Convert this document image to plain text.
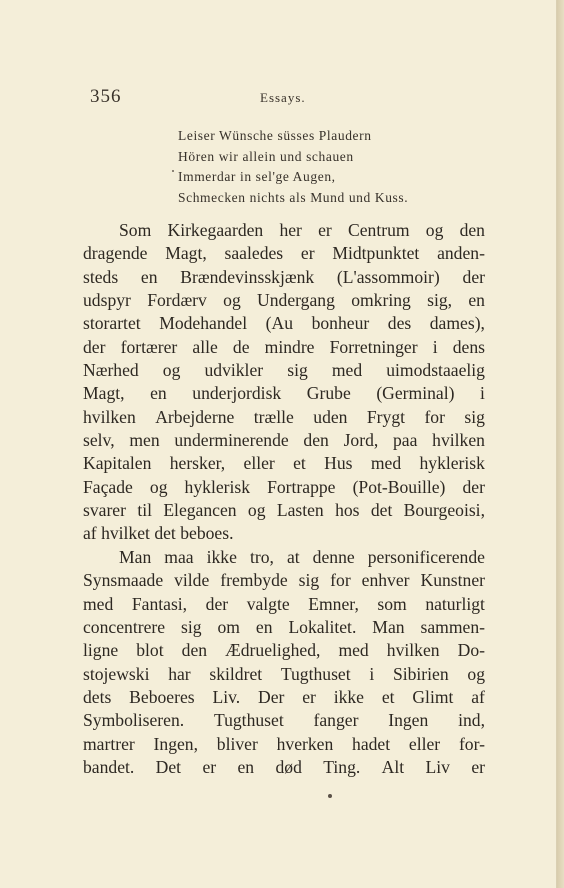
356	Essays.
Leiser Wünsche süsses Plaudern
Hören wir allein und schauen
Immerdar in sel'ge Augen,
Schmecken nichts als Mund und Kuss.
Som Kirkegaarden her er Centrum og den
dragende Magt, saaledes er Midtpunktet anden-
steds en Brændevinsskjænk (L'assommoir) der
udspyr Fordærv og Undergang omkring sig, en
storartet Modehandel (Au bonheur des dames),
der fortærer alle de mindre Forretninger i dens
Nærhed og udvikler sig med uimodstaaelig
Magt, en underjordisk Grube (Germinal) i
hvilken Arbejderne trælle uden Frygt for sig
selv, men underminerende den Jord, paa hvilken
Kapitalen hersker, eller et Hus med hyklerisk
Façade og hyklerisk Fortrappe (Pot-Bouille) der
svarer til Elegancen og Lasten hos det Bourgeoisi,
af hvilket det beboes.
Man maa ikke tro, at denne personificerende
Synsmaade vilde frembyde sig for enhver Kunstner
med Fantasi, der valgte Emner, som naturligt
concentrere sig om en Lokalitet. Man sammen-
ligne blot den Ædruelighed, med hvilken Do-
stojewski har skildret Tugthuset i Sibirien og
dets Beboeres Liv. Der er ikke et Glimt af
Symboliseren. Tugthuset fanger Ingen ind,
martrer Ingen, bliver hverken hadet eller for-
bandet. Det er en død Ting. Alt Liv er
